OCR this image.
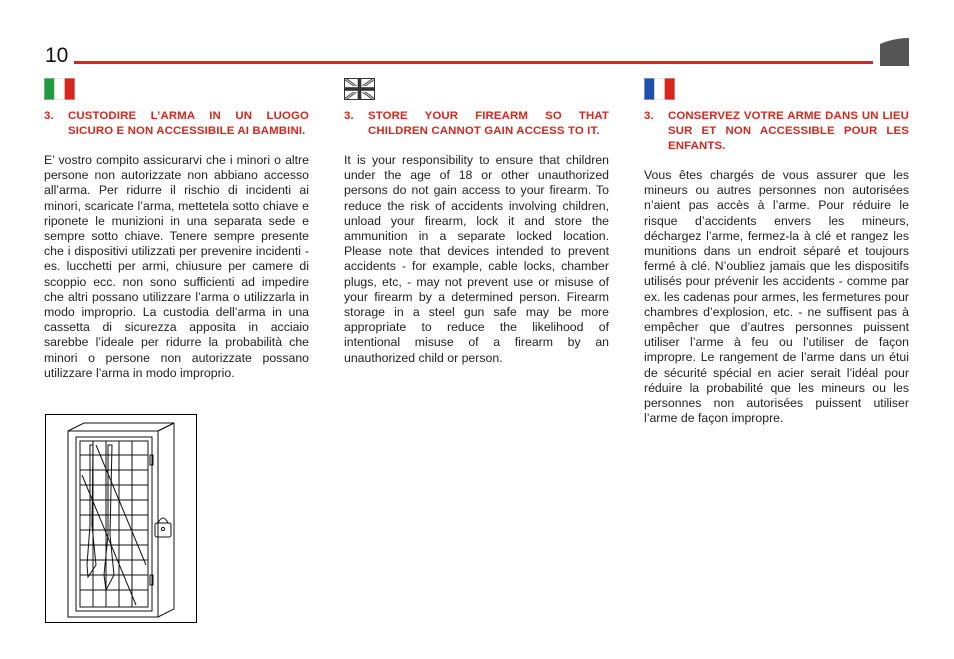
10
3.	CUSTODIRE L’ARMA IN UN LUOGO SICURO E NON ACCESSIBILE AI BAMBINI.
E’ vostro compito assicurarvi che i minori o altre persone non autorizzate non abbiano accesso all’arma. Per ridurre il rischio di incidenti ai minori, scaricate l’arma, mettetela sotto chiave e riponete le munizioni in una separata sede e sempre sotto chiave. Tenere sempre presente che i dispositivi utilizzati per prevenire incidenti - es. lucchetti per armi, chiusure per camere di scoppio ecc. non sono sufficienti ad impedire che altri possano utilizzare l’arma o utilizzarla in modo improprio. La custodia dell’arma in una cassetta di sicurezza apposita in acciaio sarebbe l’ideale per ridurre la probabilità che minori o persone non autorizzate possano utilizzare l’arma in modo improprio.
3.	STORE YOUR FIREARM SO THAT CHILDREN CANNOT GAIN ACCESS TO IT.
It is your responsibility to ensure that children under the age of 18 or other unauthorized persons do not gain access to your firearm. To reduce the risk of accidents involving children, unload your firearm, lock it and store the ammunition in a separate locked location. Please note that devices intended to prevent accidents - for example, cable locks, chamber plugs, etc, - may not prevent use or misuse of your firearm by a determined person. Firearm storage in a steel gun safe may be more appropriate to reduce the likelihood of intentional misuse of a firearm by an unauthorized child or person.
3.	CONSERVEZ VOTRE ARME DANS UN LIEU SUR ET NON ACCESSIBLE POUR LES ENFANTS.
Vous êtes chargés de vous assurer que les mineurs ou autres personnes non autorisées n’aient pas accès à l’arme. Pour réduire le risque d’accidents envers les mineurs, déchargez l’arme, fermez-la à clé et rangez les munitions dans un endroit séparé et toujours fermé à clé. N’oubliez jamais que les dispositifs utilisés pour prévenir les accidents - comme par ex. les cadenas pour armes, les fermetures pour chambres d’explosion, etc. - ne suffisent pas à empêcher que d’autres personnes puissent utiliser l’arme à feu ou l’utiliser de façon impropre. Le rangement de l’arme dans un étui de sécurité spécial en acier serait l’idéal pour réduire la probabilité que les mineurs ou les personnes non autorisées puissent utiliser l’arme de façon impropre.
